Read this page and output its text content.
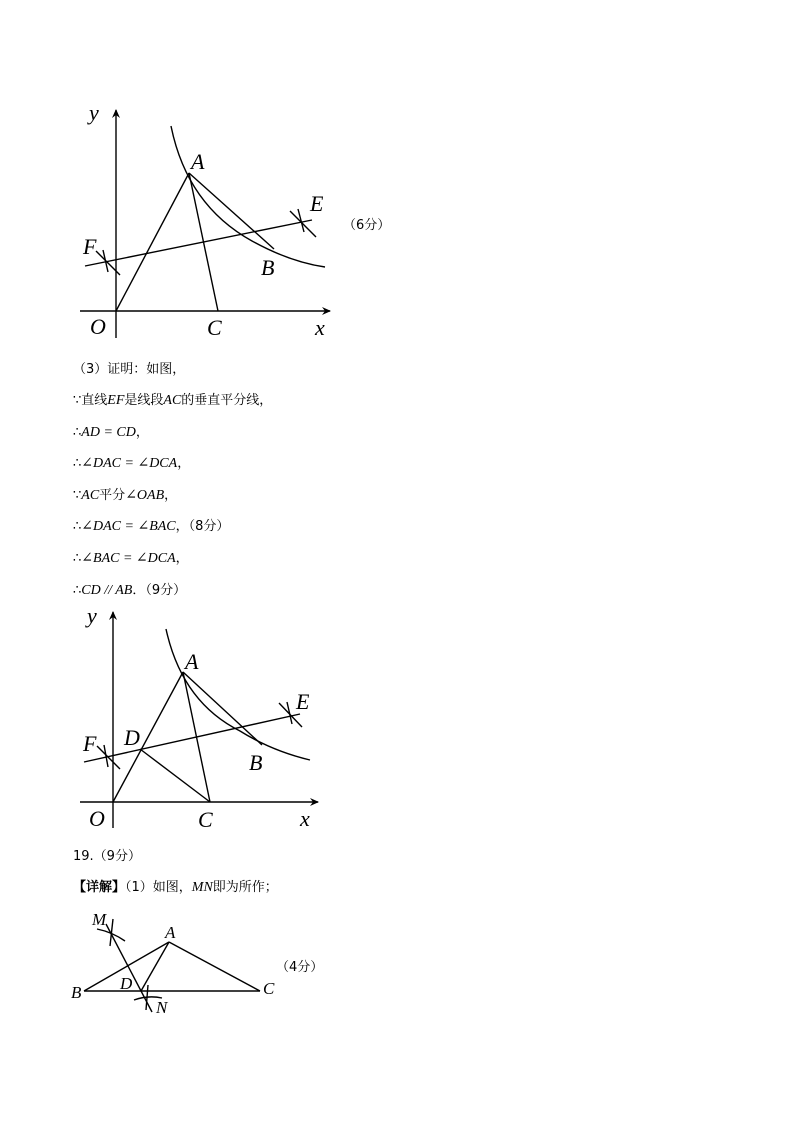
y
x
O	C
A
B
E
F
（6分）
（3）证明：如图，
∵直线EF是线段AC的垂直平分线，
∴AD = CD，
∴∠DAC = ∠DCA，
∵AC平分∠OAB，
∴∠DAC = ∠BAC，（8分）
∴∠BAC = ∠DCA，
∴CD // AB．（9分）
y
x
O	C
A
B
D
E
F
19.（9分）
【详解】（1）如图，MN即为所作；
M
A
B D
N
C
（4分）
